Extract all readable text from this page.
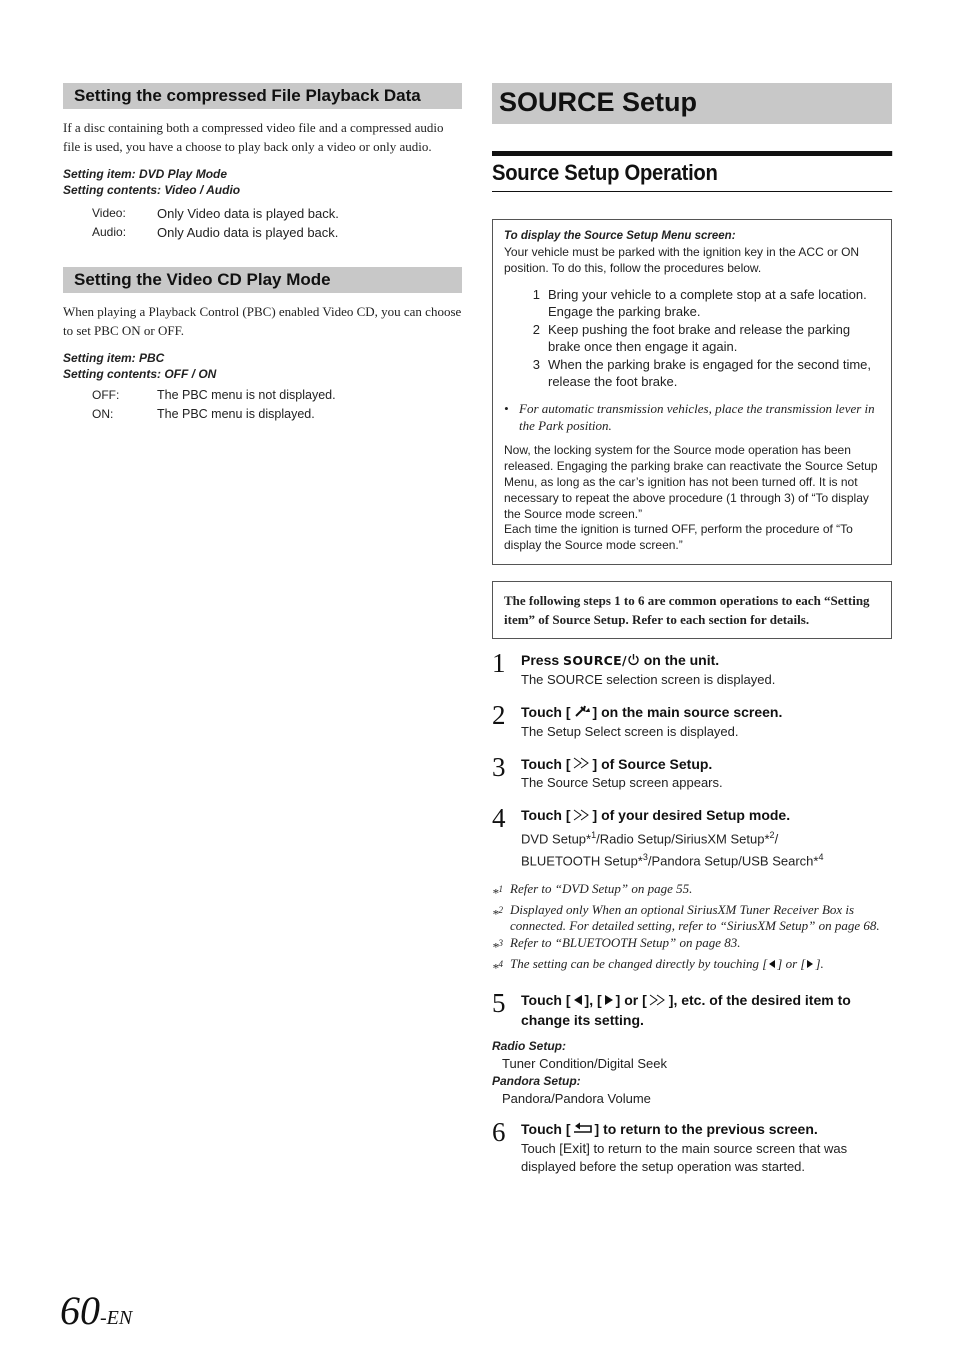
Setting the compressed File Playback Data

If a disc containing both a compressed video file and a compressed audio file is used, you have a choose to play back only a video or only audio.

Setting item: DVD Play Mode
Setting contents: Video / Audio
Video:	Only Video data is played back.
Audio:	Only Audio data is played back.
Setting the Video CD Play Mode

When playing a Playback Control (PBC) enabled Video CD, you can choose to set PBC ON or OFF.

Setting item: PBC
Setting contents: OFF / ON
OFF:	The PBC menu is not displayed.
ON:	The PBC menu is displayed.
SOURCE Setup
Source Setup Operation
To display the Source Setup Menu screen:
Your vehicle must be parked with the ignition key in the ACC or ON position. To do this, follow the procedures below.
1 Bring your vehicle to a complete stop at a safe location. Engage the parking brake.
2 Keep pushing the foot brake and release the parking brake once then engage it again.
3 When the parking brake is engaged for the second time, release the foot brake.
• For automatic transmission vehicles, place the transmission lever in the Park position.
Now, the locking system for the Source mode operation has been released. Engaging the parking brake can reactivate the Source Setup Menu, as long as the car’s ignition has not been turned off. It is not necessary to repeat the above procedure (1 through 3) of “To display the Source mode screen.”
Each time the ignition is turned OFF, perform the procedure of “To display the Source mode screen.”
The following steps 1 to 6 are common operations to each “Setting item” of Source Setup. Refer to each section for details.
1	Press SOURCE/ on the unit.
The SOURCE selection screen is displayed.
2	Touch [ ] on the main source screen.
The Setup Select screen is displayed.
3	Touch [ ] of Source Setup.
The Source Setup screen appears.
4	Touch [ ] of your desired Setup mode.
DVD Setup*$^1$/Radio Setup/SiriusXM Setup*$^2$/
BLUETOOTH Setup*$^3$/Pandora Setup/USB Search*$^4$
*$^1$ Refer to “DVD Setup” on page 55.
*$^2$ Displayed only When an optional SiriusXM Tuner Receiver Box is connected. For detailed setting, refer to “SiriusXM Setup” on page 68.
*$^3$ Refer to “BLUETOOTH Setup” on page 83.
*$^4$ The setting can be changed directly by touching [ ] or [ ].
5	Touch [ ], [ ] or [ ], etc. of the desired item to change its setting.
Radio Setup:
Tuner Condition/Digital Seek
Pandora Setup:
Pandora/Pandora Volume
6	Touch [ ] to return to the previous screen.
Touch [Exit] to return to the main source screen that was displayed before the setup operation was started.
60-EN
